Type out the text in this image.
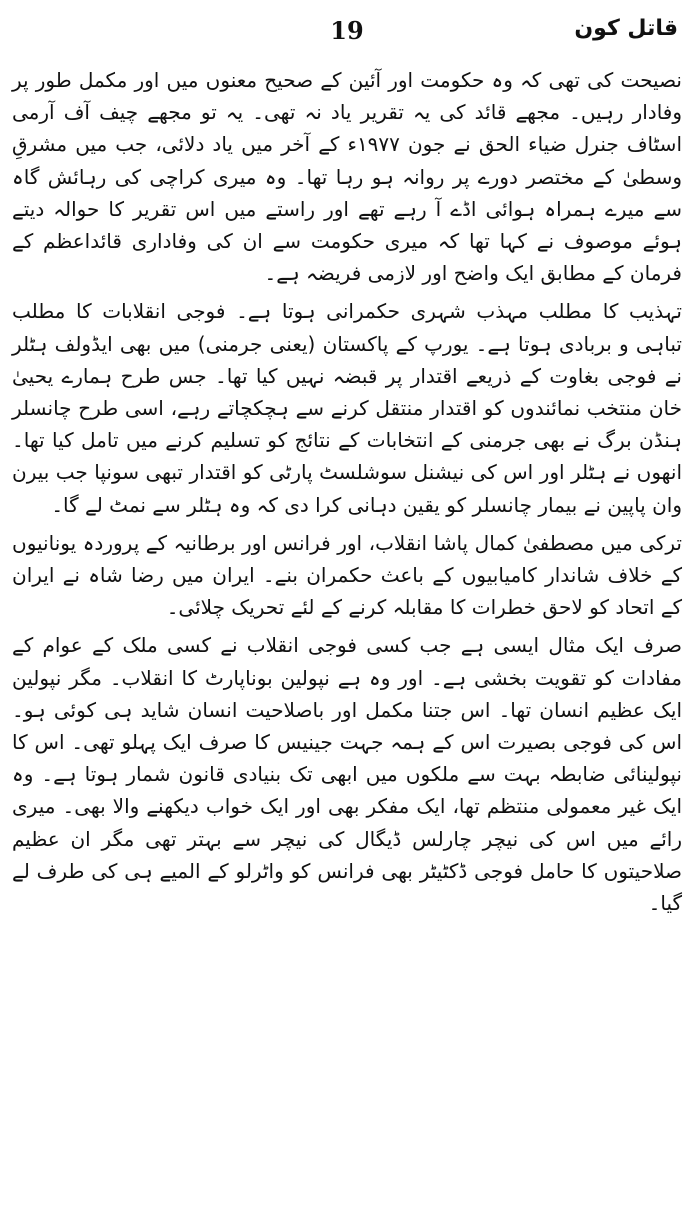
19	قاتل کون

نصیحت کی تھی کہ وہ حکومت اور آئین کے صحیح معنوں میں اور مکمل طور پر وفادار رہیں۔ مجھے قائد کی یہ تقریر یاد نہ تھی۔ یہ تو مجھے چیف آف آرمی اسٹاف جنرل ضیاء الحق نے جون ۱۹۷۷ء کے آخر میں یاد دلائی، جب میں مشرقِ وسطیٰ کے مختصر دورے پر روانہ ہو رہا تھا۔ وہ میری کراچی کی رہائش گاہ سے میرے ہمراہ ہوائی اڈے آ رہے تھے اور راستے میں اس تقریر کا حوالہ دیتے ہوئے موصوف نے کہا تھا کہ میری حکومت سے ان کی وفاداری قائداعظم کے فرمان کے مطابق ایک واضح اور لازمی فریضہ ہے۔

تہذیب کا مطلب مہذب شہری حکمرانی ہوتا ہے۔ فوجی انقلابات کا مطلب تباہی و بربادی ہوتا ہے۔ یورپ کے پاکستان (یعنی جرمنی) میں بھی ایڈولف ہٹلر نے فوجی بغاوت کے ذریعے اقتدار پر قبضہ نہیں کیا تھا۔ جس طرح ہمارے یحییٰ خان منتخب نمائندوں کو اقتدار منتقل کرنے سے ہچکچاتے رہے، اسی طرح چانسلر ہنڈن برگ نے بھی جرمنی کے انتخابات کے نتائج کو تسلیم کرنے میں تامل کیا تھا۔ انھوں نے ہٹلر اور اس کی نیشنل سوشلسٹ پارٹی کو اقتدار تبھی سونپا جب بیرن وان پاپین نے بیمار چانسلر کو یقین دہانی کرا دی کہ وہ ہٹلر سے نمٹ لے گا۔

ترکی میں مصطفیٰ کمال پاشا انقلاب، اور فرانس اور برطانیہ کے پروردہ یونانیوں کے خلاف شاندار کامیابیوں کے باعث حکمران بنے۔ ایران میں رضا شاہ نے ایران کے اتحاد کو لاحق خطرات کا مقابلہ کرنے کے لئے تحریک چلائی۔

صرف ایک مثال ایسی ہے جب کسی فوجی انقلاب نے کسی ملک کے عوام کے مفادات کو تقویت بخشی ہے۔ اور وہ ہے نپولین بوناپارٹ کا انقلاب۔ مگر نپولین ایک عظیم انسان تھا۔ اس جتنا مکمل اور باصلاحیت انسان شاید ہی کوئی ہو۔ اس کی فوجی بصیرت اس کے ہمہ جہت جینیس کا صرف ایک پہلو تھی۔ اس کا نپولینائی ضابطہ بہت سے ملکوں میں ابھی تک بنیادی قانون شمار ہوتا ہے۔ وہ ایک غیر معمولی منتظم تھا، ایک مفکر بھی اور ایک خواب دیکھنے والا بھی۔ میری رائے میں اس کی نیچر چارلس ڈیگال کی نیچر سے بہتر تھی مگر ان عظیم صلاحیتوں کا حامل فوجی ڈکٹیٹر بھی فرانس کو واٹرلو کے المیے ہی کی طرف لے گیا۔
